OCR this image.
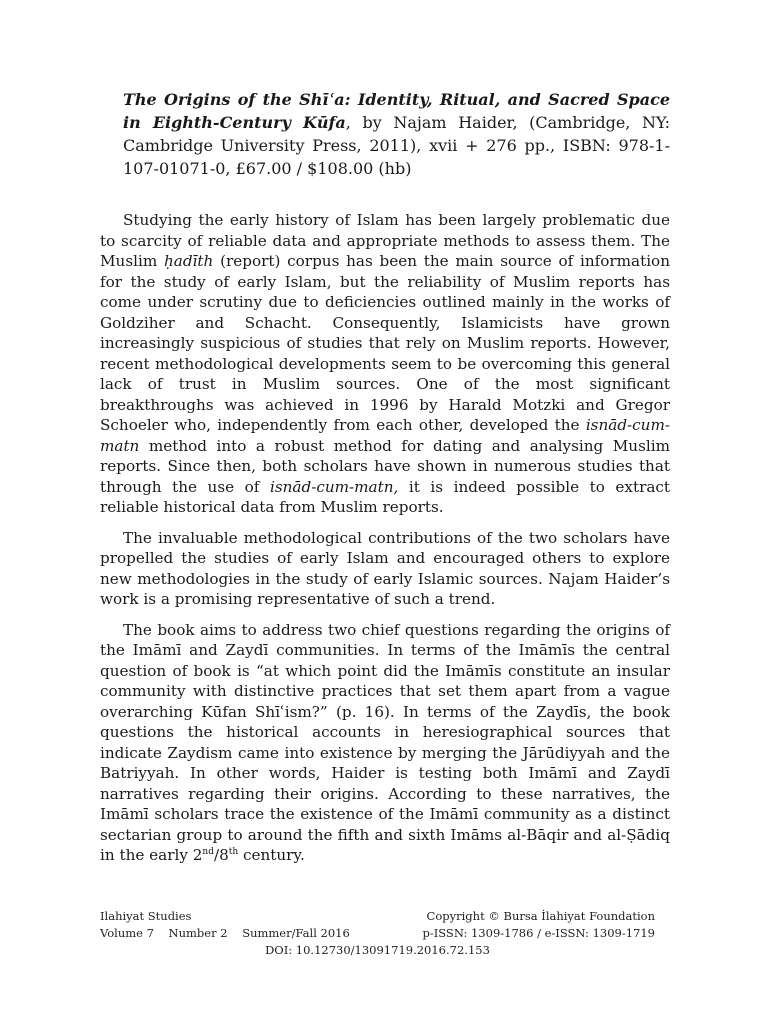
The Origins of the Shīʿa: Identity, Ritual, and Sacred Space in Eighth-Century Kūfa, by Najam Haider, (Cambridge, NY: Cambridge University Press, 2011), xvii + 276 pp., ISBN: 978-1-107-01071-0, £67.00 / $108.00 (hb)

Studying the early history of Islam has been largely problematic due to scarcity of reliable data and appropriate methods to assess them. The Muslim ḥadīth (report) corpus has been the main source of information for the study of early Islam, but the reliability of Muslim reports has come under scrutiny due to deficiencies outlined mainly in the works of Goldziher and Schacht. Consequently, Islamicists have grown increasingly suspicious of studies that rely on Muslim reports. However, recent methodological developments seem to be overcoming this general lack of trust in Muslim sources. One of the most significant breakthroughs was achieved in 1996 by Harald Motzki and Gregor Schoeler who, independently from each other, developed the isnād-cum-matn method into a robust method for dating and analysing Muslim reports. Since then, both scholars have shown in numerous studies that through the use of isnād-cum-matn, it is indeed possible to extract reliable historical data from Muslim reports.

The invaluable methodological contributions of the two scholars have propelled the studies of early Islam and encouraged others to explore new methodologies in the study of early Islamic sources. Najam Haider’s work is a promising representative of such a trend.

The book aims to address two chief questions regarding the origins of the Imāmī and Zaydī communities. In terms of the Imāmīs the central question of book is “at which point did the Imāmīs constitute an insular community with distinctive practices that set them apart from a vague overarching Kūfan Shīʿism?” (p. 16). In terms of the Zaydīs, the book questions the historical accounts in heresiographical sources that indicate Zaydism came into existence by merging the Jārūdiyyah and the Batriyyah. In other words, Haider is testing both Imāmī and Zaydī narratives regarding their origins. According to these narratives, the Imāmī scholars trace the existence of the Imāmī community as a distinct sectarian group to around the fifth and sixth Imāms al-Bāqir and al-Ṣādiq in the early 2nd/8th century.

Ilahiyat Studies	Copyright © Bursa İlahiyat Foundation
Volume 7    Number 2    Summer/Fall 2016	p-ISSN: 1309-1786 / e-ISSN: 1309-1719
DOI: 10.12730/13091719.2016.72.153
